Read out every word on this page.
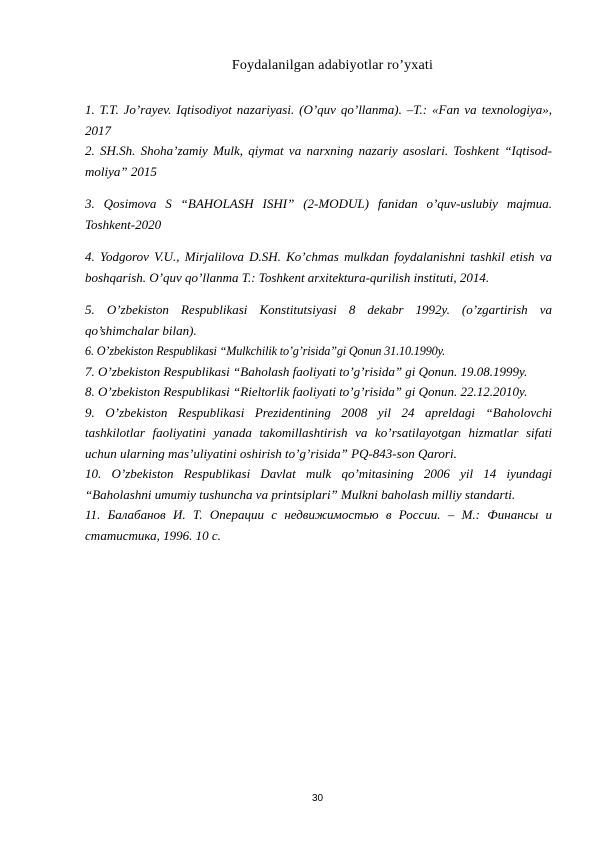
Foydalanilgan adabiyotlar ro’yxati

1. T.T. Jo’rayev. Iqtisodiyot nazariyasi. (O’quv qo’llanma). –T.: «Fan va texnologiya», 2017

2. SH.Sh. Shoha’zamiy Mulk, qiymat va narxning nazariy asoslari. Toshkent “Iqtisod-moliya” 2015

3. Qosimova S “BAHOLASH ISHI” (2-MODUL) fanidan o’quv-uslubiy majmua. Toshkent-2020

4. Yodgorov V.U., Mirjalilova D.SH. Ko’chmas mulkdan foydalanishni tashkil etish va boshqarish. O’quv qo’llanma T.: Toshkent arxitektura-qurilish instituti, 2014.

5. O’zbekiston Respublikasi Konstitutsiyasi 8 dekabr 1992y. (o’zgartirish va qo’shimchalar bilan).

6. O’zbekiston Respublikasi “Mulkchilik to’g’risida”gi Qonun 31.10.1990y.

7. O’zbekiston Respublikasi “Baholash faoliyati to’g’risida” gi Qonun. 19.08.1999y.

8. O’zbekiston Respublikasi “Rieltorlik faoliyati to’g’risida” gi Qonun. 22.12.2010y.

9. O’zbekiston Respublikasi Prezidentining 2008 yil 24 apreldagi “Baholovchi tashkilotlar faoliyatini yanada takomillashtirish va ko’rsatilayotgan hizmatlar sifati uchun ularning mas’uliyatini oshirish to’g’risida” PQ-843-son Qarori.

10. O’zbekiston Respublikasi Davlat mulk qo’mitasining 2006 yil 14 iyundagi “Baholashni umumiy tushuncha va printsiplari” Mulkni baholash milliy standarti.

11. Балабанов И. Т. Операции с недвижимостью в России. – М.: Финансы и статистика, 1996. 10 с.

30
